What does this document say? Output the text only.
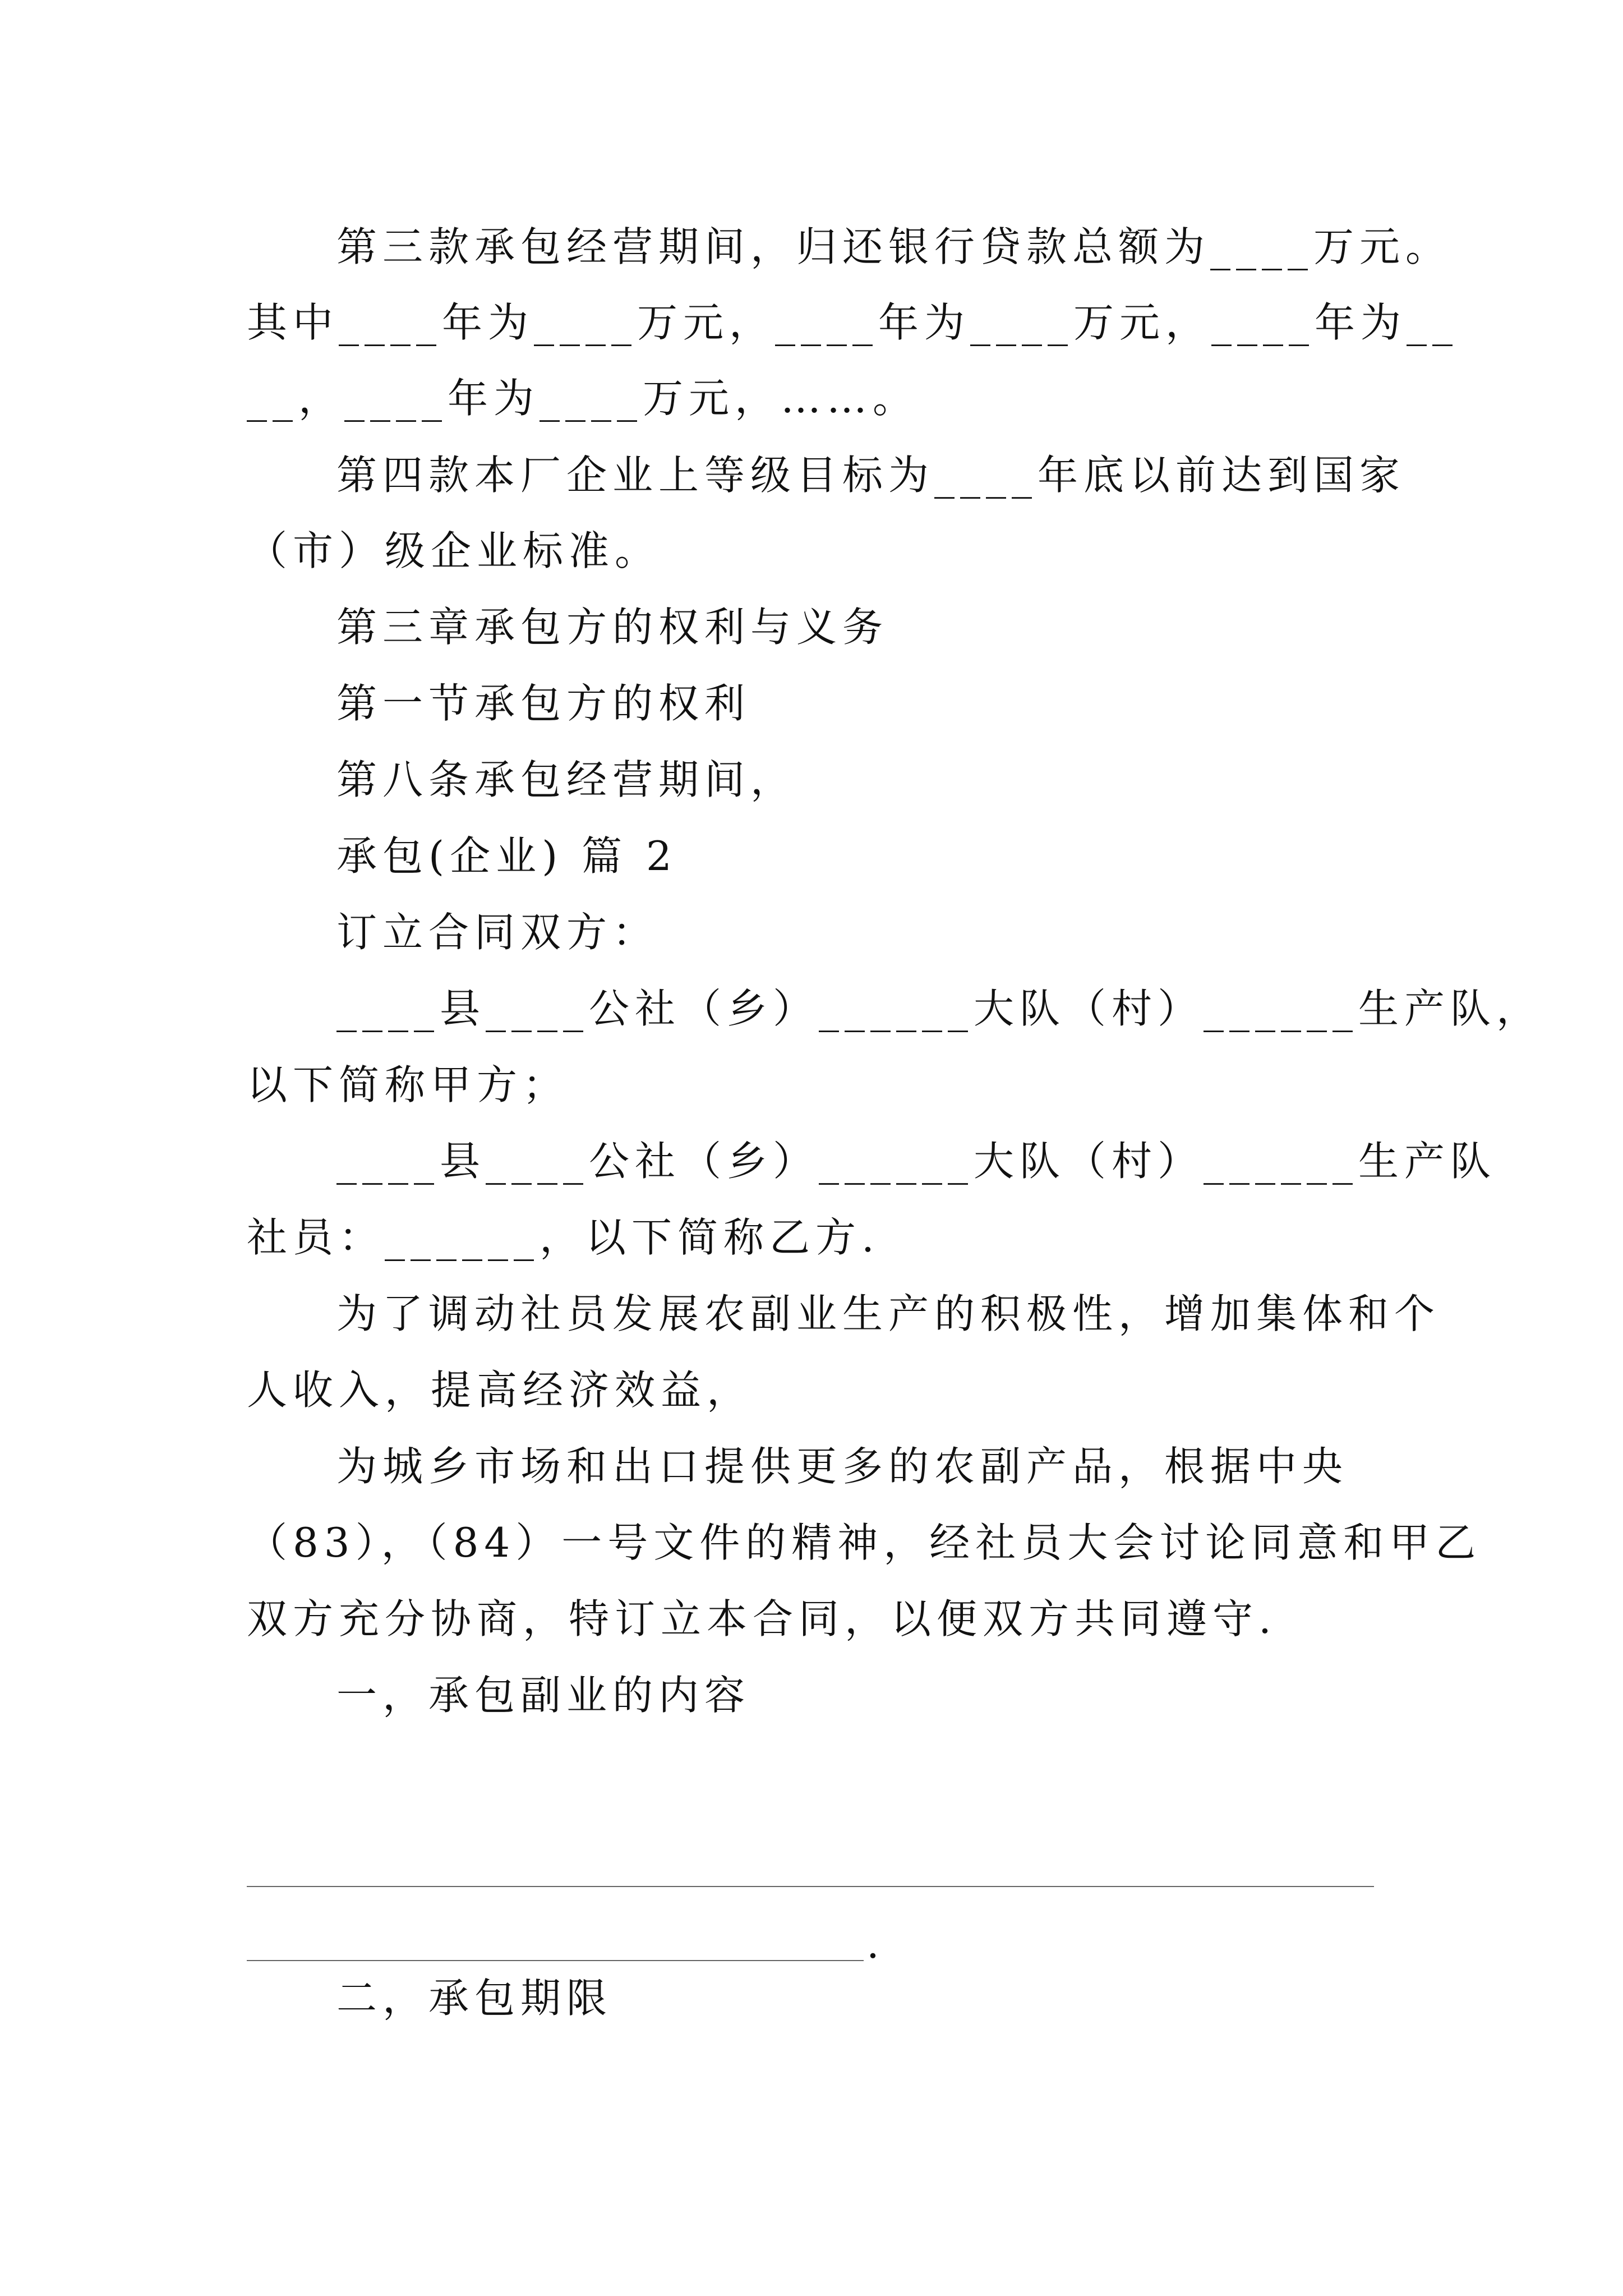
第三款承包经营期间，归还银行贷款总额为____万元。

其中____年为____万元，____年为____万元，____年为__

__，____年为____万元，……。

第四款本厂企业上等级目标为____年底以前达到国家

（市）级企业标准。

第三章承包方的权利与义务

第一节承包方的权利

第八条承包经营期间，

承包(企业) 篇 2

订立合同双方：

____县____公社（乡）______大队（村）______生产队，

以下简称甲方；

____县____公社（乡）______大队（村）______生产队

社员：______，以下简称乙方.

为了调动社员发展农副业生产的积极性，增加集体和个

人收入，提高经济效益，

为城乡市场和出口提供更多的农副产品，根据中央

（83），（84）一号文件的精神，经社员大会讨论同意和甲乙

双方充分协商，特订立本合同，以便双方共同遵守.

一，承包副业的内容

.

二，承包期限
